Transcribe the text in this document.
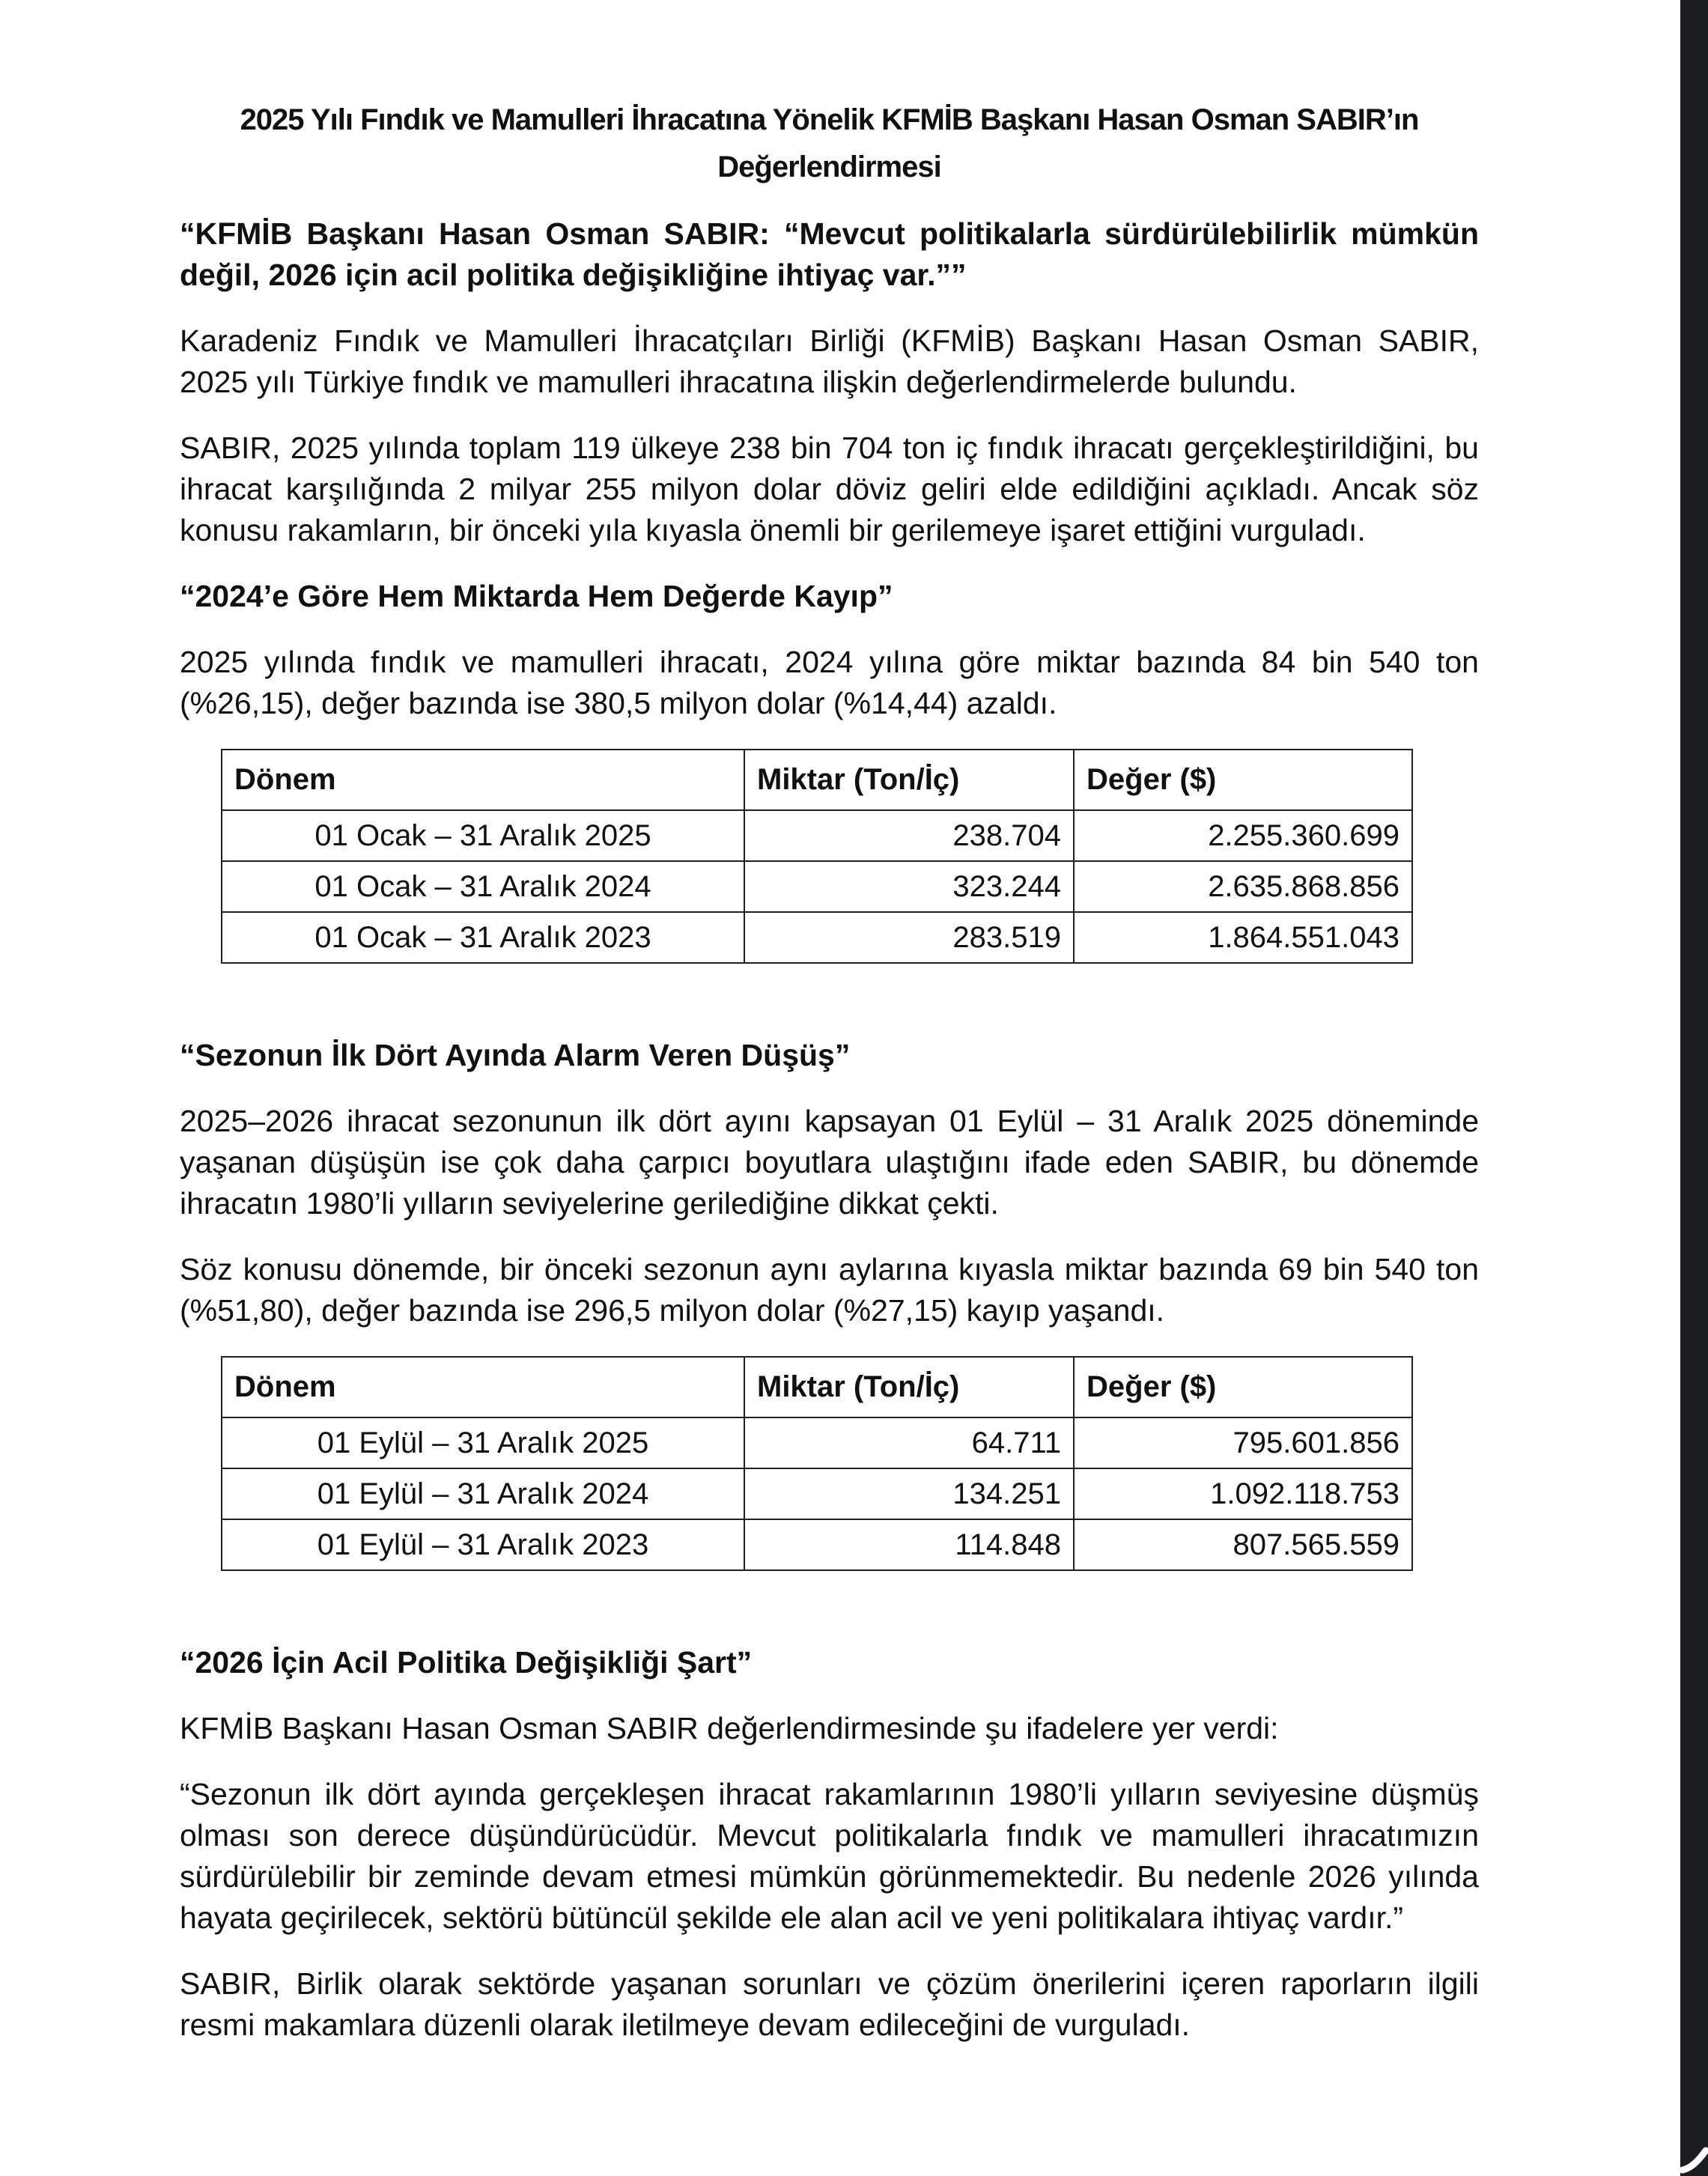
2025 Yılı Fındık ve Mamulleri İhracatına Yönelik KFMİB Başkanı Hasan Osman SABIR’ın
Değerlendirmesi

“KFMİB Başkanı Hasan Osman SABIR: “Mevcut politikalarla sürdürülebilirlik mümkün değil, 2026 için acil politika değişikliğine ihtiyaç var.””

Karadeniz Fındık ve Mamulleri İhracatçıları Birliği (KFMİB) Başkanı Hasan Osman SABIR, 2025 yılı Türkiye fındık ve mamulleri ihracatına ilişkin değerlendirmelerde bulundu.

SABIR, 2025 yılında toplam 119 ülkeye 238 bin 704 ton iç fındık ihracatı gerçekleştirildiğini, bu ihracat karşılığında 2 milyar 255 milyon dolar döviz geliri elde edildiğini açıkladı. Ancak söz konusu rakamların, bir önceki yıla kıyasla önemli bir gerilemeye işaret ettiğini vurguladı.

“2024’e Göre Hem Miktarda Hem Değerde Kayıp”

2025 yılında fındık ve mamulleri ihracatı, 2024 yılına göre miktar bazında 84 bin 540 ton (%26,15), değer bazında ise 380,5 milyon dolar (%14,44) azaldı.

Dönem	Miktar (Ton/İç)	Değer ($)
01 Ocak – 31 Aralık 2025	238.704	2.255.360.699
01 Ocak – 31 Aralık 2024	323.244	2.635.868.856
01 Ocak – 31 Aralık 2023	283.519	1.864.551.043

“Sezonun İlk Dört Ayında Alarm Veren Düşüş”

2025–2026 ihracat sezonunun ilk dört ayını kapsayan 01 Eylül – 31 Aralık 2025 döneminde yaşanan düşüşün ise çok daha çarpıcı boyutlara ulaştığını ifade eden SABIR, bu dönemde ihracatın 1980’li yılların seviyelerine gerilediğine dikkat çekti.

Söz konusu dönemde, bir önceki sezonun aynı aylarına kıyasla miktar bazında 69 bin 540 ton (%51,80), değer bazında ise 296,5 milyon dolar (%27,15) kayıp yaşandı.

Dönem	Miktar (Ton/İç)	Değer ($)
01 Eylül – 31 Aralık 2025	64.711	795.601.856
01 Eylül – 31 Aralık 2024	134.251	1.092.118.753
01 Eylül – 31 Aralık 2023	114.848	807.565.559

“2026 İçin Acil Politika Değişikliği Şart”

KFMİB Başkanı Hasan Osman SABIR değerlendirmesinde şu ifadelere yer verdi:

“Sezonun ilk dört ayında gerçekleşen ihracat rakamlarının 1980’li yılların seviyesine düşmüş olması son derece düşündürücüdür. Mevcut politikalarla fındık ve mamulleri ihracatımızın sürdürülebilir bir zeminde devam etmesi mümkün görünmemektedir. Bu nedenle 2026 yılında hayata geçirilecek, sektörü bütüncül şekilde ele alan acil ve yeni politikalara ihtiyaç vardır.”

SABIR, Birlik olarak sektörde yaşanan sorunları ve çözüm önerilerini içeren raporların ilgili resmi makamlara düzenli olarak iletilmeye devam edileceğini de vurguladı.
